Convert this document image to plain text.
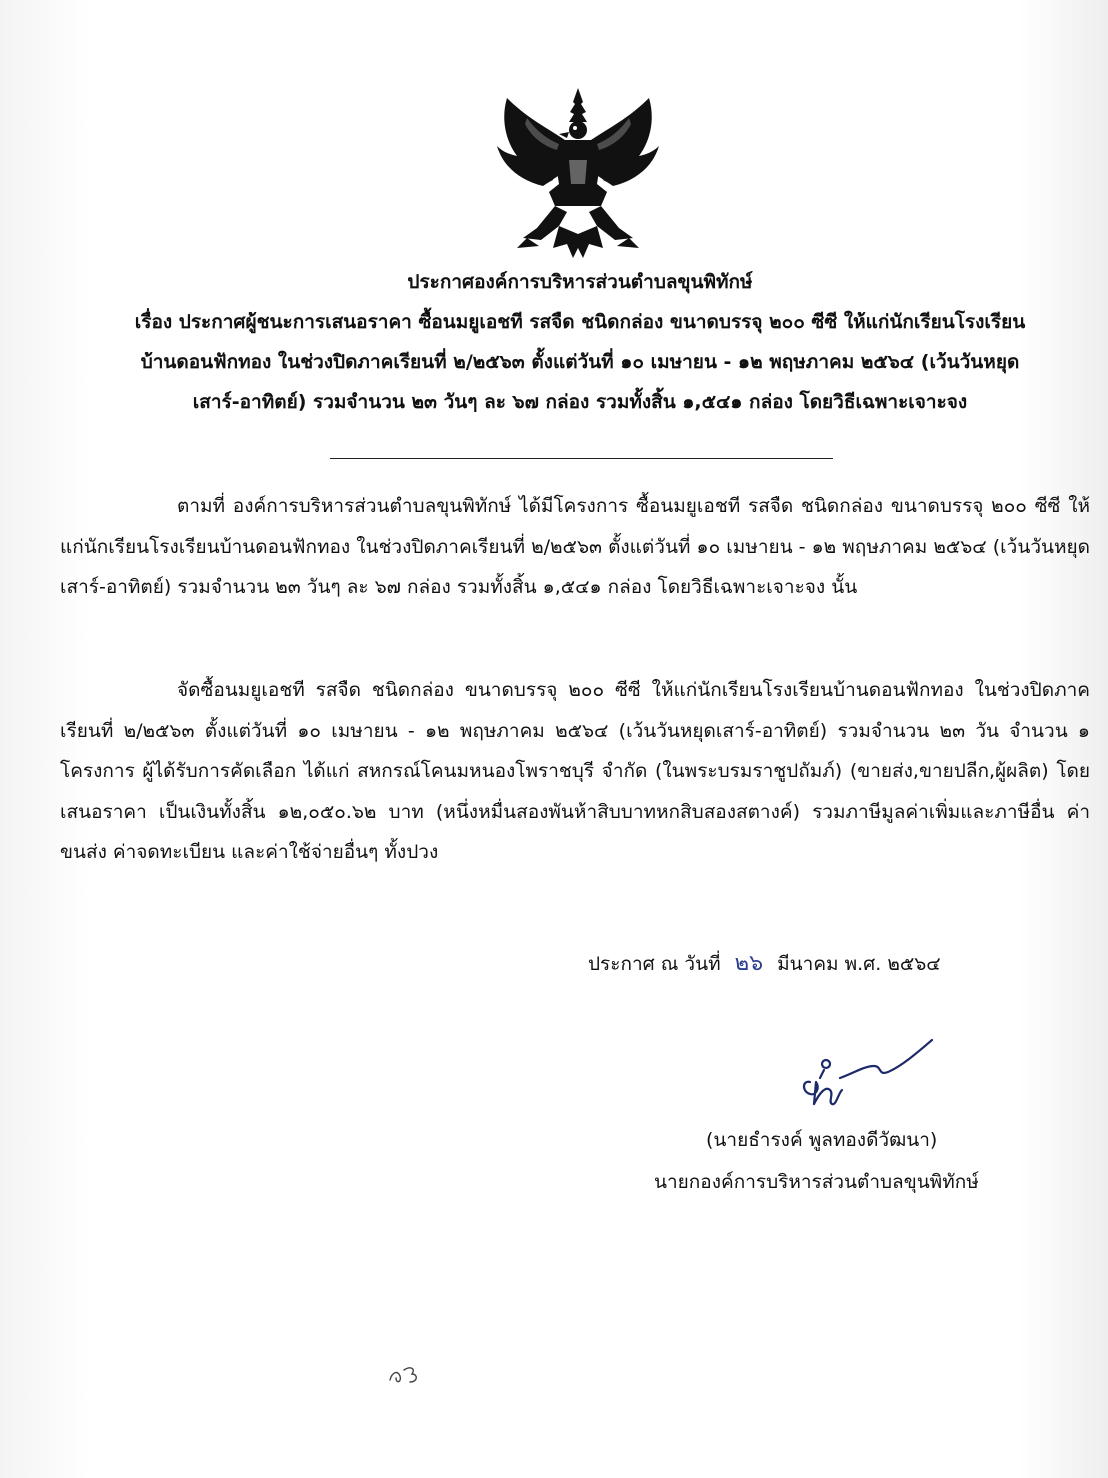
ประกาศองค์การบริหารส่วนตำบลขุนพิทักษ์
เรื่อง ประกาศผู้ชนะการเสนอราคา ซื้อนมยูเอชที รสจืด ชนิดกล่อง ขนาดบรรจุ ๒๐๐ ซีซี ให้แก่นักเรียนโรงเรียน
บ้านดอนฟักทอง ในช่วงปิดภาคเรียนที่ ๒/๒๕๖๓ ตั้งแต่วันที่ ๑๐ เมษายน - ๑๒ พฤษภาคม ๒๕๖๔ (เว้นวันหยุด
เสาร์-อาทิตย์) รวมจำนวน ๒๓ วันๆ ละ ๖๗ กล่อง รวมทั้งสิ้น ๑,๕๔๑ กล่อง โดยวิธีเฉพาะเจาะจง
ตามที่ องค์การบริหารส่วนตำบลขุนพิทักษ์ ได้มีโครงการ ซื้อนมยูเอชที รสจืด ชนิดกล่อง ขนาดบรรจุ ๒๐๐ ซีซี ให้แก่นักเรียนโรงเรียนบ้านดอนฟักทอง ในช่วงปิดภาคเรียนที่ ๒/๒๕๖๓ ตั้งแต่วันที่ ๑๐ เมษายน - ๑๒ พฤษภาคม ๒๕๖๔ (เว้นวันหยุดเสาร์-อาทิตย์) รวมจำนวน ๒๓ วันๆ ละ ๖๗ กล่อง รวมทั้งสิ้น ๑,๕๔๑ กล่อง โดยวิธีเฉพาะเจาะจง นั้น
จัดซื้อนมยูเอชที รสจืด ชนิดกล่อง ขนาดบรรจุ ๒๐๐ ซีซี ให้แก่นักเรียนโรงเรียนบ้านดอนฟักทอง ในช่วงปิดภาคเรียนที่ ๒/๒๕๖๓ ตั้งแต่วันที่ ๑๐ เมษายน - ๑๒ พฤษภาคม ๒๕๖๔ (เว้นวันหยุดเสาร์-อาทิตย์) รวมจำนวน ๒๓ วัน จำนวน ๑ โครงการ ผู้ได้รับการคัดเลือก ได้แก่ สหกรณ์โคนมหนองโพราชบุรี จำกัด (ในพระบรมราชูปถัมภ์) (ขายส่ง,ขายปลีก,ผู้ผลิต) โดยเสนอราคา เป็นเงินทั้งสิ้น ๑๒,๐๕๐.๖๒ บาท (หนึ่งหมื่นสองพันห้าสิบบาทหกสิบสองสตางค์) รวมภาษีมูลค่าเพิ่มและภาษีอื่น ค่าขนส่ง ค่าจดทะเบียน และค่าใช้จ่ายอื่นๆ ทั้งปวง
ประกาศ ณ วันที่ ๒๖ มีนาคม พ.ศ. ๒๕๖๔
(นายธำรงค์ พูลทองดีวัฒนา)
นายกองค์การบริหารส่วนตำบลขุนพิทักษ์
